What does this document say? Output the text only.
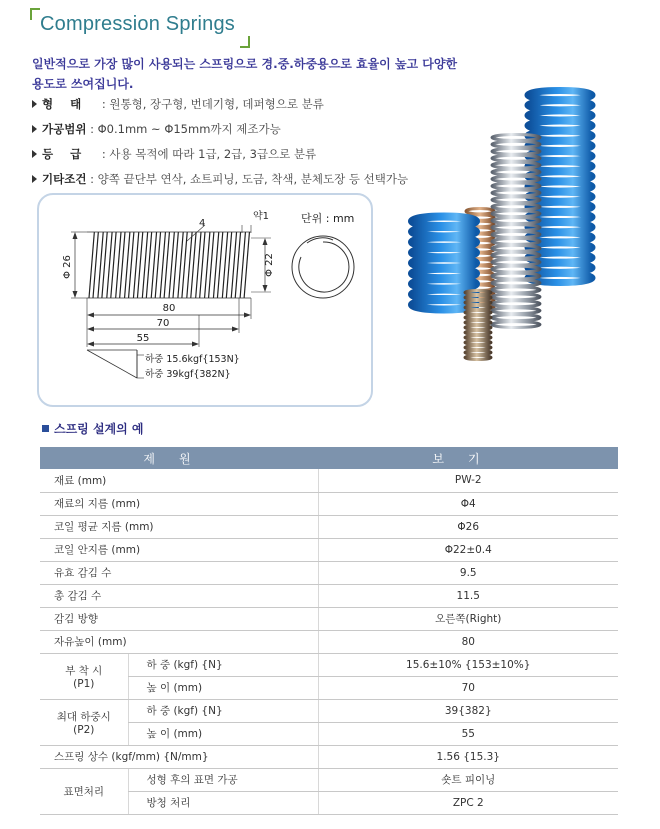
Compression Springs
일반적으로 가장 많이 사용되는 스프링으로 경.중.하중용으로 효율이 높고 다양한
용도로 쓰여집니다.
형태 : 원통형, 장구형, 번데기형, 데퍼형으로 분류
가공범위 : Φ0.1mm ~ Φ15mm까지 제조가능
등급 : 사용 목적에 따라 1급, 2급, 3급으로 분류
기타조건 : 양쪽 끝단부 연삭, 쇼트피닝, 도금, 착색, 분체도장 등 선택가능
Φ 26	Φ 22
4
약1	단위 : mm
80
70
55
하중 15.6kgf{153N}
하중 39kgf{382N}
스프링 설계의 예
제원		보기
재료 (mm)		PW-2
재료의 지름 (mm)		Φ4
코일 평균 지름 (mm)		Φ26
코일 안지름 (mm)		Φ22±0.4
유효 감김 수		9.5
총 감김 수		11.5
감김 방향		오른쪽(Right)
자유높이 (mm)		80

부 착 시
(P1)	하 중 (kgf) {N}	15.6±10% {153±10%}
	높 이 (mm)	70

최대 하중시
(P2)	하 중 (kgf) {N}	39{382}
	높 이 (mm)	55
스프링 상수 (kgf/mm) {N/mm}		1.56 {15.3}
표면처리	성형 후의 표면 가공	숏트 피이닝
	방청 처리	ZPC 2
